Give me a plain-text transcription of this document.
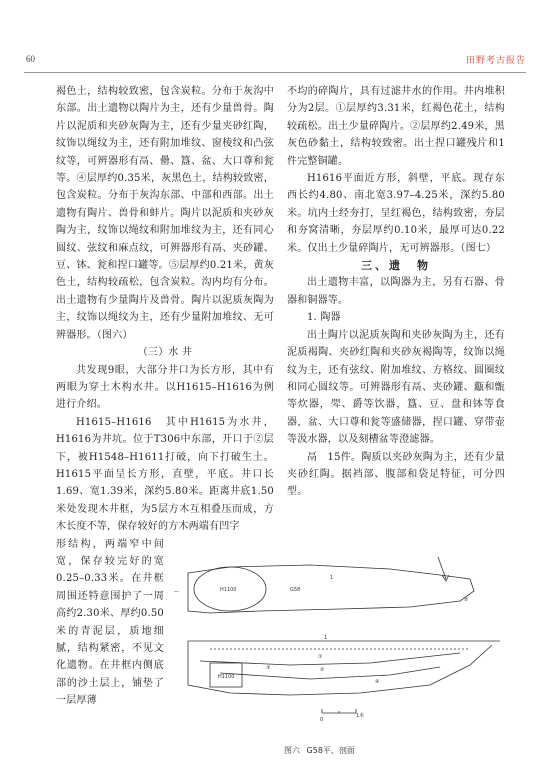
60	田野考古报告

褐色土，结构较致密，包含炭粒。分布于灰沟中东部。出土遗物以陶片为主，还有少量兽骨。陶片以泥质和夹砂灰陶为主，还有少量夹砂红陶，纹饰以绳纹为主，还有附加堆纹、窗棱纹和凸弦纹等，可辨器形有鬲、罍、簋、盆、大口尊和瓮等。④层厚约0.35米，灰黑色土，结构较致密，包含炭粒。分布于灰沟东部、中部和西部。出土遗物有陶片、兽骨和蚌片。陶片以泥质和夹砂灰陶为主，纹饰以绳纹和附加堆纹为主，还有同心圆纹、弦纹和麻点纹，可辨器形有鬲、夹砂罐、豆、钵、瓮和捏口罐等。⑤层厚约0.21米，黄灰色土，结构较疏松，包含炭粒。沟内均有分布。出土遗物有少量陶片及兽骨。陶片以泥质灰陶为主，纹饰以绳纹为主，还有少量附加堆纹、无可辨器形。（图六）

（三）水 井

共发现9眼，大部分井口为长方形，其中有两眼为穿土木构水井。以H1615–H1616为例进行介绍。

H1615–H1616　其中H1615为水井，H1616为井坑。位于T306中东部，开口于②层下，被H1548–H1611打破，向下打破生土。H1615平面呈长方形，直壁，平底。井口长1.69、宽1.39米，深约5.80米。距离井底1.50米处发现木井框，为5层方木互相叠压而成，方木长度不等，保存较好的方木两端有凹字

形结构，两端窄中间宽，保存较完好的宽0.25–0.33米。在井框周围还特意围护了一周高约2.30米、厚约0.50米的青泥层，质地细腻，结构紧密，不见文化遗物。在井框内侧底部的沙土层上，铺垫了一层厚薄

不均的碎陶片，具有过滤井水的作用。井内堆积分为2层。①层厚约3.31米，红褐色花土，结构较疏松。出土少量碎陶片。②层厚约2.49米，黑灰色砂黏土，结构较致密。出土捏口罐残片和1件完整铜罐。

H1616平面近方形，斜壁，平底。现存东西长约4.80、南北宽3.97–4.25米，深约5.80米。坑内土经夯打，呈红褐色，结构致密，夯层和夯窝清晰，夯层厚约0.10米，最厚可达0.22米。仅出土少量碎陶片，无可辨器形。（图七）

三、遗　物

出土遗物丰富，以陶器为主，另有石器、骨器和铜器等。

1. 陶器

出土陶片以泥质灰陶和夹砂灰陶为主，还有泥质褐陶、夹砂红陶和夹砂灰褐陶等，纹饰以绳纹为主，还有弦纹、附加堆纹、方格纹、圆圈纹和同心圆纹等。可辨器形有鬲、夹砂罐、甗和甑等炊器，斝、爵等饮器，簋、豆、盘和钵等食器，盆、大口尊和瓮等盛储器，捏口罐、穿带壶等汲水器，以及刻槽盆等澄滤器。

鬲　15件。陶质以夹砂灰陶为主，还有少量夹砂红陶。据裆部、腹部和袋足特征，可分四型。

H1100	G58
1
1
—
H1100
①
②
③
④
⑤
0
1米
图六 G58平、剖面
